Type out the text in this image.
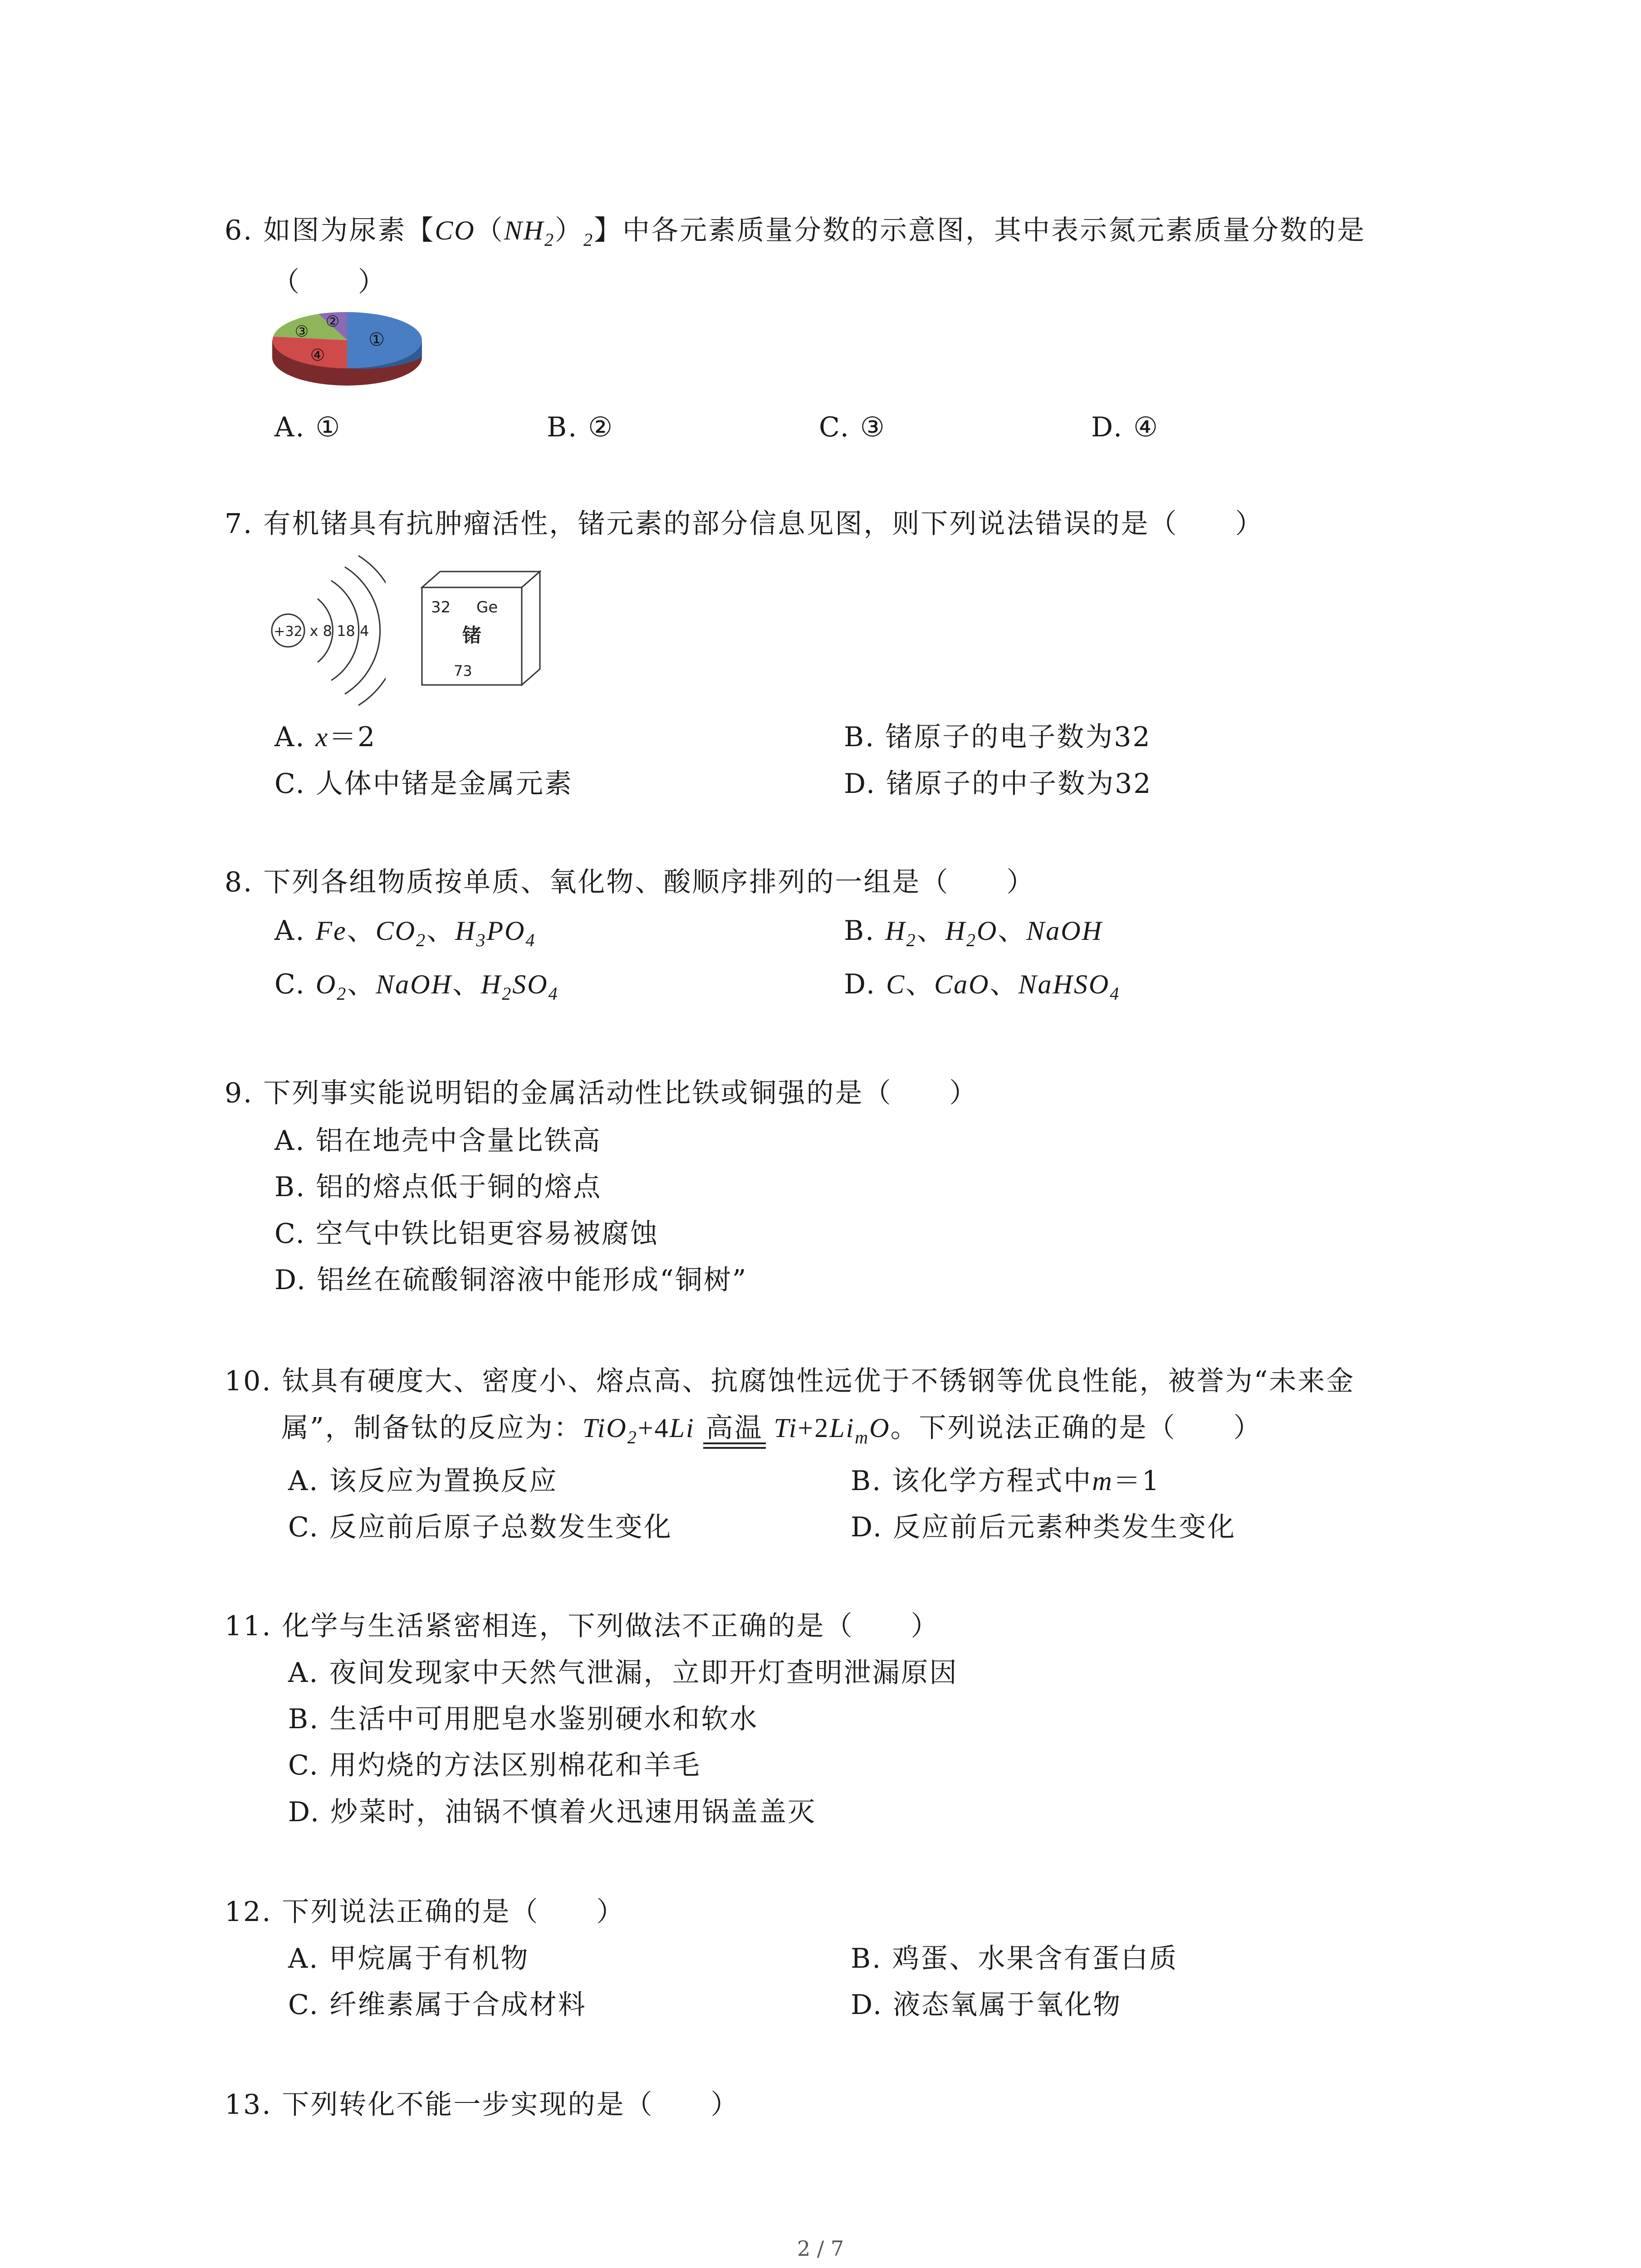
6. 如图为尿素【$CO(NH_2)_2$】中各元素质量分数的示意图，其中表示氮元素质量分数的是
（　　）
①
②
③
④
A. ①	B. ②	C. ③	D. ④
7. 有机锗具有抗肿瘤活性，锗元素的部分信息见图，则下列说法错误的是（　　）
+32 x 8 18 4
32 Ge
锗
73
A. x＝2	B. 锗原子的电子数为32
C. 人体中锗是金属元素	D. 锗原子的中子数为32
8. 下列各组物质按单质、氧化物、酸顺序排列的一组是（　　）
A. Fe、$CO_2$、$H_3PO_4$	B. $H_2$、$H_2O$、NaOH
C. $O_2$、NaOH、$H_2SO_4$	D. C、CaO、NaHSO$_4$
9. 下列事实能说明铝的金属活动性比铁或铜强的是（　　）
A. 铝在地壳中含量比铁高
B. 铝的熔点低于铜的熔点
C. 空气中铁比铝更容易被腐蚀
D. 铝丝在硫酸铜溶液中能形成“铜树”
10. 钛具有硬度大、密度小、熔点高、抗腐蚀性远优于不锈钢等优良性能，被誉为“未来金
属”，制备钛的反应为：TiO$_2$+4Li 高温 $Ti+2Li_mO$。下列说法正确的是（　　）
A. 该反应为置换反应	B. 该化学方程式中m＝1
C. 反应前后原子总数发生变化	D. 反应前后元素种类发生变化
11. 化学与生活紧密相连，下列做法不正确的是（　　）
A. 夜间发现家中天然气泄漏，立即开灯查明泄漏原因
B. 生活中可用肥皂水鉴别硬水和软水
C. 用灼烧的方法区别棉花和羊毛
D. 炒菜时，油锅不慎着火迅速用锅盖盖灭
12. 下列说法正确的是（　　）
A. 甲烷属于有机物	B. 鸡蛋、水果含有蛋白质
C. 纤维素属于合成材料	D. 液态氧属于氧化物
13. 下列转化不能一步实现的是（　　）
2 / 7
